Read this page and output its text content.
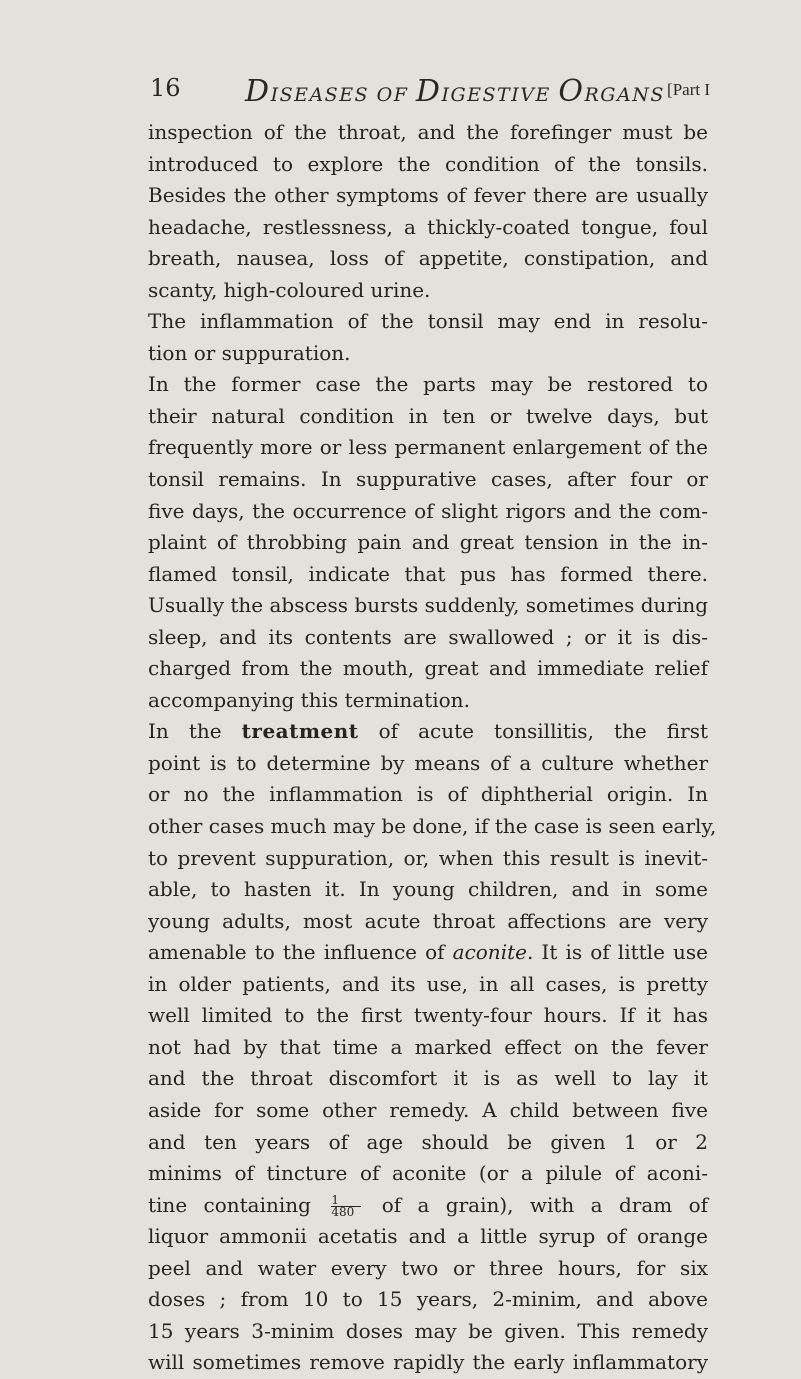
16 DISEASES OF DIGESTIVE ORGANS [Part I
inspection of the throat, and the forefinger must be
introduced to explore the condition of the tonsils.
Besides the other symptoms of fever there are usually
headache, restlessness, a thickly-coated tongue, foul
breath, nausea, loss of appetite, constipation, and
scanty, high-coloured urine.
The inflammation of the tonsil may end in resolu-
tion or suppuration.
In the former case the parts may be restored to
their natural condition in ten or twelve days, but
frequently more or less permanent enlargement of the
tonsil remains. In suppurative cases, after four or
five days, the occurrence of slight rigors and the com-
plaint of throbbing pain and great tension in the in-
flamed tonsil, indicate that pus has formed there.
Usually the abscess bursts suddenly, sometimes during
sleep, and its contents are swallowed ; or it is dis-
charged from the mouth, great and immediate relief
accompanying this termination.
In the treatment of acute tonsillitis, the first
point is to determine by means of a culture whether
or no the inflammation is of diphtherial origin. In
other cases much may be done, if the case is seen early,
to prevent suppuration, or, when this result is inevit-
able, to hasten it. In young children, and in some
young adults, most acute throat affections are very
amenable to the influence of aconite. It is of little use
in older patients, and its use, in all cases, is pretty
well limited to the first twenty-four hours. If it has
not had by that time a marked effect on the fever
and the throat discomfort it is as well to lay it
aside for some other remedy. A child between five
and ten years of age should be given 1 or 2
minims of tincture of aconite (or a pilule of aconi-
tine containing $\frac{1}{480}$ of a grain), with a dram of
liquor ammonii acetatis and a little syrup of orange
peel and water every two or three hours, for six
doses ; from 10 to 15 years, 2-minim, and above
15 years 3-minim doses may be given. This remedy
will sometimes remove rapidly the early inflammatory
